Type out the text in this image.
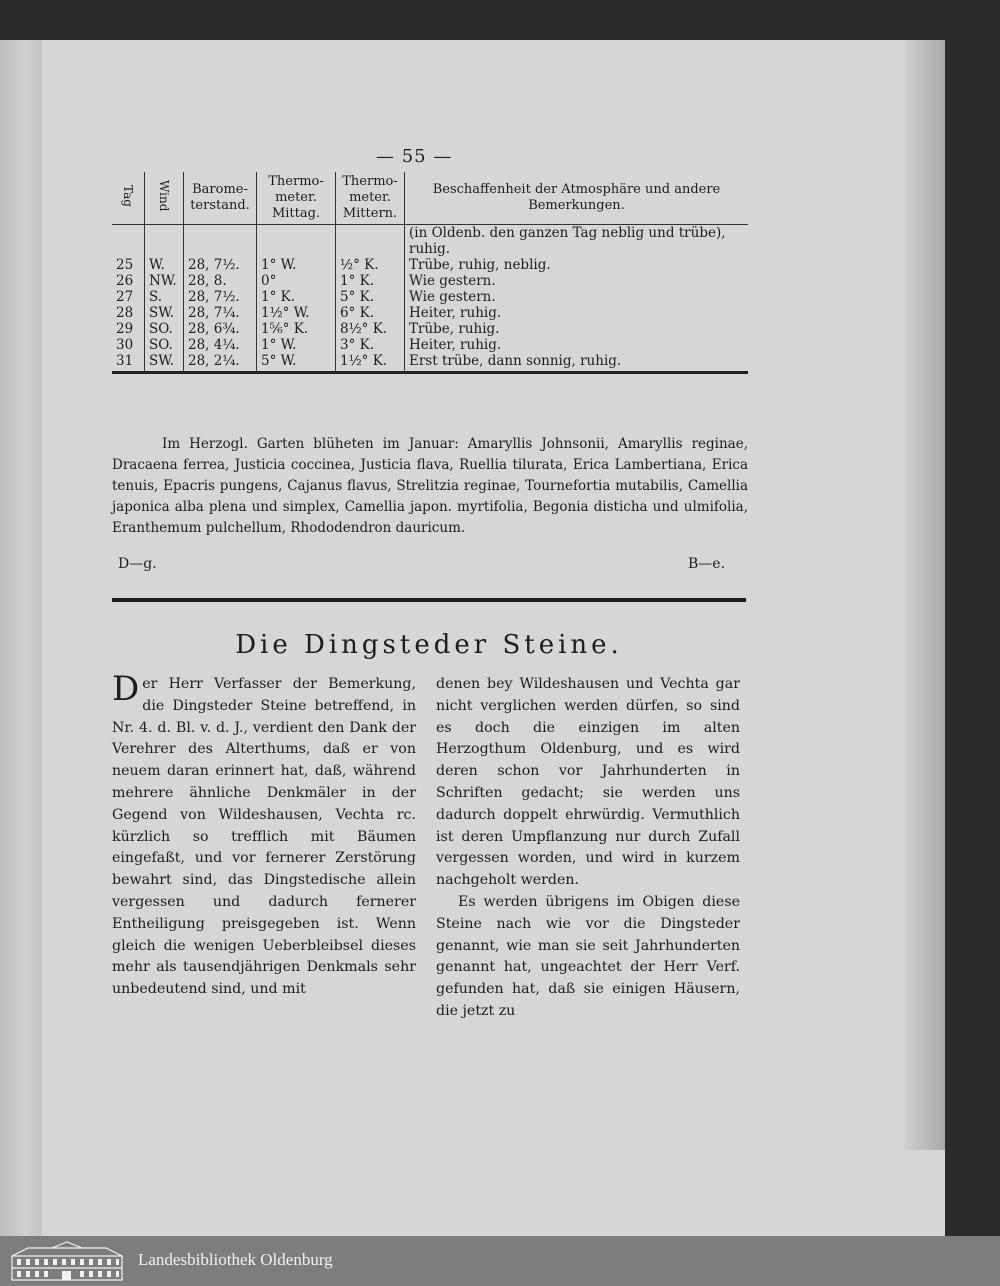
— 55 —
Tag	Wind	Barome-terstand.	Thermo-meter. Mittag.	Thermo-meter. Mittern.	Beschaffenheit der Atmosphäre und andere Bemerkungen.
					(in Oldenb. den ganzen Tag neblig und trübe), ruhig.
25	W.	28, 7½.	1° W.	½° K.	Trübe, ruhig, neblig.
26	NW.	28, 8.	0°	1° K.	Wie gestern.
27	S.	28, 7½.	1° K.	5° K.	Wie gestern.
28	SW.	28, 7¼.	1½° W.	6° K.	Heiter, ruhig.
29	SO.	28, 6¾.	1⅚° K.	8½° K.	Trübe, ruhig.
30	SO.	28, 4¼.	1° W.	3° K.	Heiter, ruhig.
31	SW.	28, 2¼.	5° W.	1½° K.	Erst trübe, dann sonnig, ruhig.
Im Herzogl. Garten blüheten im Januar: Amaryllis Johnsonii, Amaryllis reginae, Dracaena ferrea, Justicia coccinea, Justicia flava, Ruellia tilurata, Erica Lambertiana, Erica tenuis, Epacris pungens, Cajanus flavus, Strelitzia reginae, Tournefortia mutabilis, Camellia japonica alba plena und simplex, Camellia japon. myrtifolia, Begonia disticha und ulmifolia, Eranthemum pulchellum, Rhododendron dauricum.
D—g.	B—e.
Die Dingsteder Steine.
Der Herr Verfasser der Bemerkung, die Dingsteder Steine betreffend, in Nr. 4. d. Bl. v. d. J., verdient den Dank der Verehrer des Alterthums, daß er von neuem daran erinnert hat, daß, während mehrere ähnliche Denkmäler in der Gegend von Wildeshausen, Vechta rc. kürzlich so trefflich mit Bäumen eingefaßt, und vor fernerer Zerstörung bewahrt sind, das Dingstedische allein vergessen und dadurch fernerer Entheiligung preisgegeben ist. Wenn gleich die wenigen Ueberbleibsel dieses mehr als tausendjährigen Denkmals sehr unbedeutend sind, und mit
denen bey Wildeshausen und Vechta gar nicht verglichen werden dürfen, so sind es doch die einzigen im alten Herzogthum Oldenburg, und es wird deren schon vor Jahrhunderten in Schriften gedacht; sie werden uns dadurch doppelt ehrwürdig. Vermuthlich ist deren Umpflanzung nur durch Zufall vergessen worden, und wird in kurzem nachgeholt werden.
Es werden übrigens im Obigen diese Steine nach wie vor die Dingsteder genannt, wie man sie seit Jahrhunderten genannt hat, ungeachtet der Herr Verf. gefunden hat, daß sie einigen Häusern, die jetzt zu
Landesbibliothek Oldenburg
